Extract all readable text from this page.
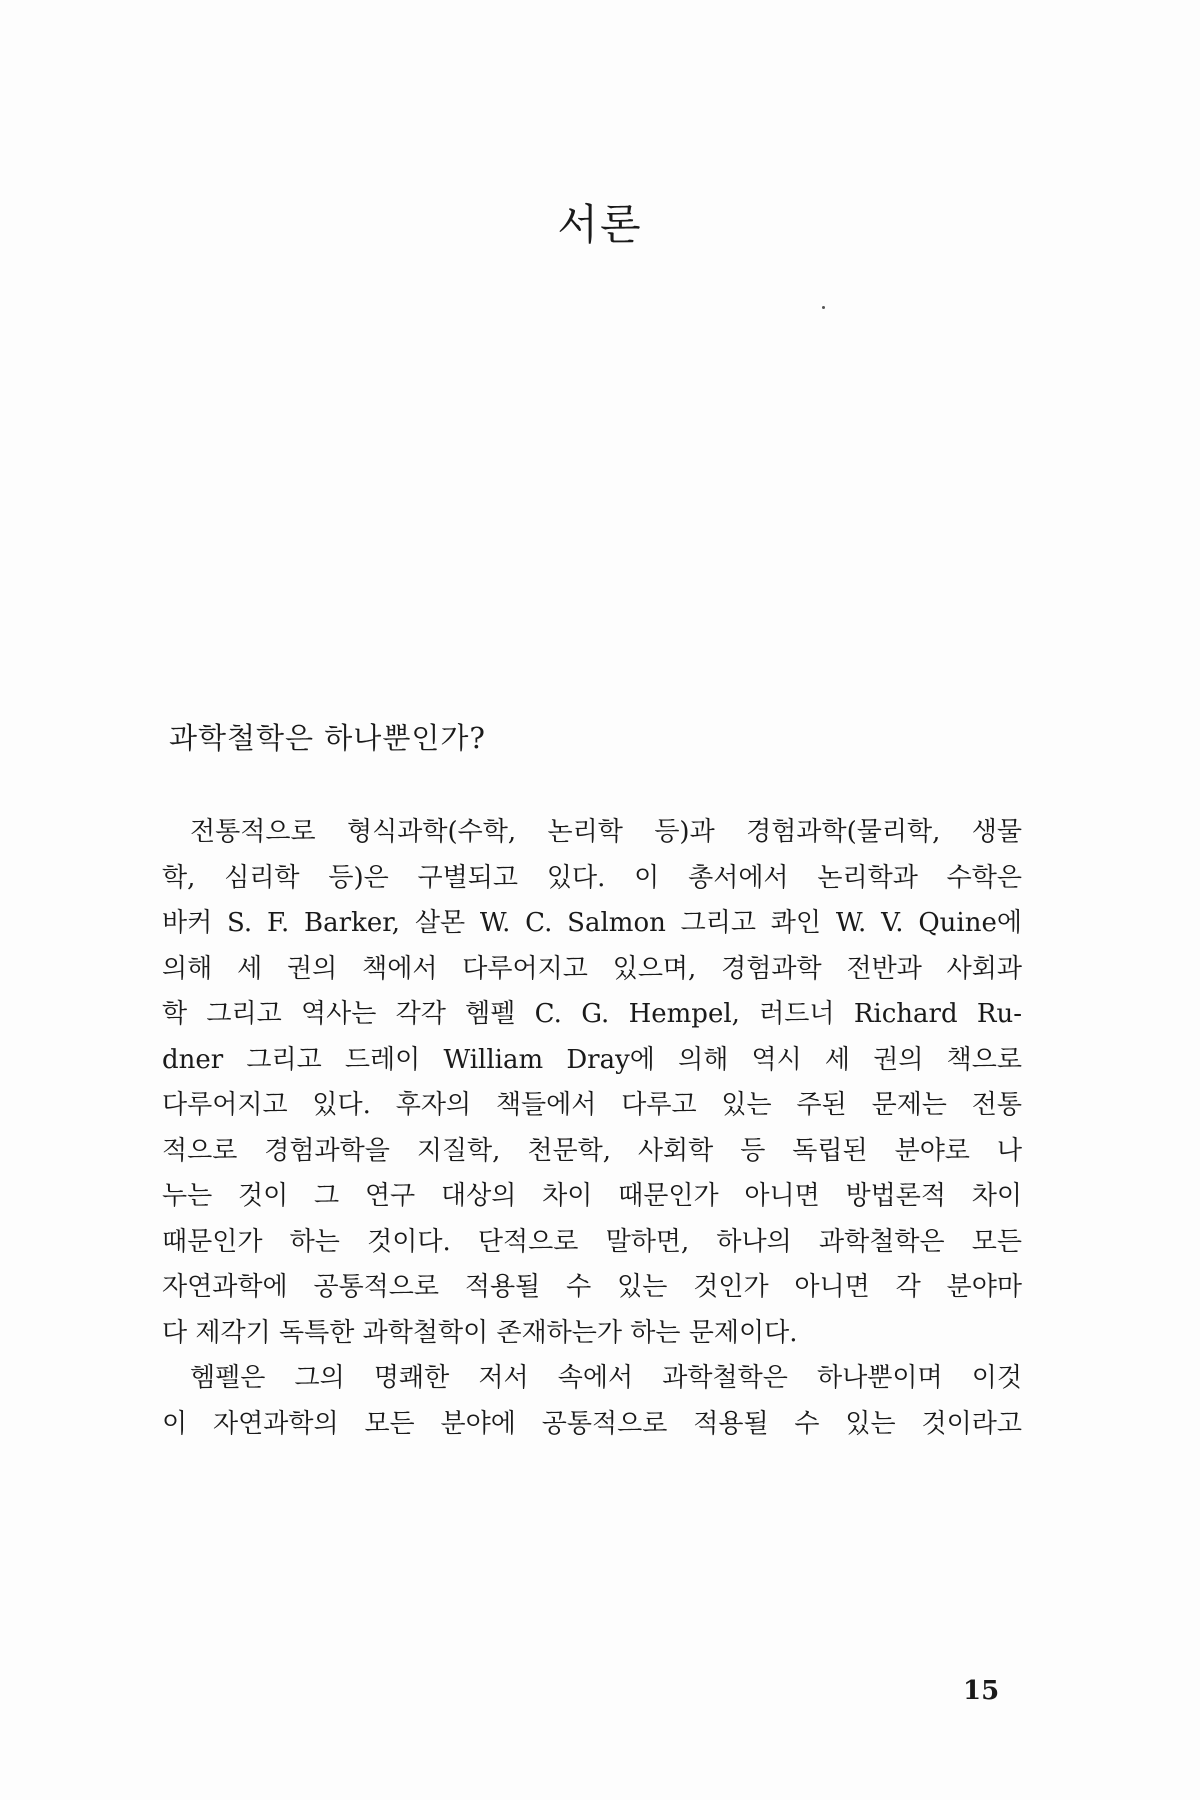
서론
과학철학은 하나뿐인가?
전통적으로 형식과학(수학, 논리학 등)과 경험과학(물리학, 생물
학, 심리학 등)은 구별되고 있다. 이 총서에서 논리학과 수학은
바커 S. F. Barker, 살몬 W. C. Salmon 그리고 콰인 W. V. Quine에
의해 세 권의 책에서 다루어지고 있으며, 경험과학 전반과 사회과
학 그리고 역사는 각각 헴펠 C. G. Hempel, 러드너 Richard Ru-
dner 그리고 드레이 William Dray에 의해 역시 세 권의 책으로
다루어지고 있다. 후자의 책들에서 다루고 있는 주된 문제는 전통
적으로 경험과학을 지질학, 천문학, 사회학 등 독립된 분야로 나
누는 것이 그 연구 대상의 차이 때문인가 아니면 방법론적 차이
때문인가 하는 것이다. 단적으로 말하면, 하나의 과학철학은 모든
자연과학에 공통적으로 적용될 수 있는 것인가 아니면 각 분야마
다 제각기 독특한 과학철학이 존재하는가 하는 문제이다.
헴펠은 그의 명쾌한 저서 속에서 과학철학은 하나뿐이며 이것
이 자연과학의 모든 분야에 공통적으로 적용될 수 있는 것이라고
15
